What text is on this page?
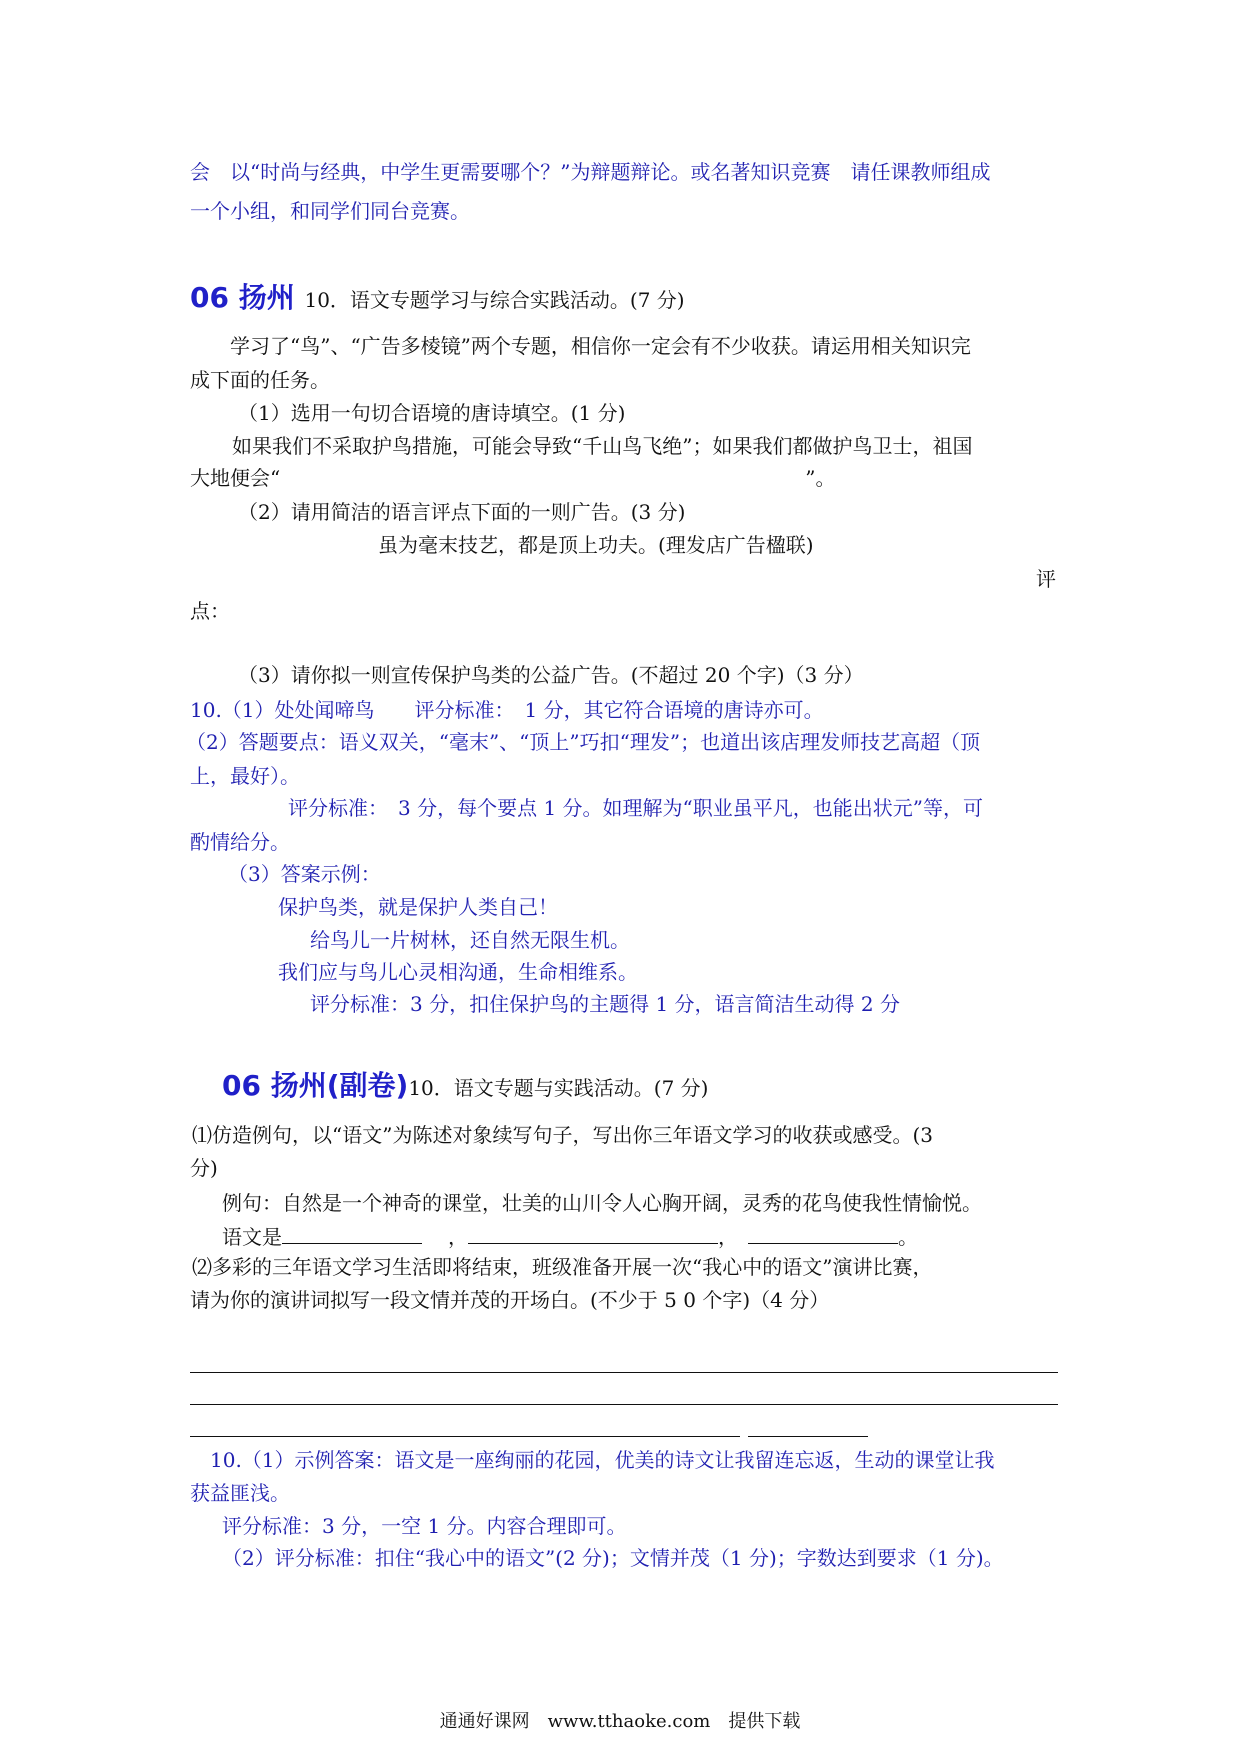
会　以“时尚与经典，中学生更需要哪个？”为辩题辩论。或名著知识竞赛　请任课教师组成
一个小组，和同学们同台竞赛。
06 扬州 10．语文专题学习与综合实践活动。(7 分)
　　学习了“鸟”、“广告多棱镜”两个专题，相信你一定会有不少收获。请运用相关知识完
成下面的任务。
（1）选用一句切合语境的唐诗填空。(1 分)
如果我们不采取护鸟措施，可能会导致“千山鸟飞绝”；如果我们都做护鸟卫士，祖国
大地便会“	”。
（2）请用简洁的语言评点下面的一则广告。(3 分)
虽为毫末技艺，都是顶上功夫。(理发店广告楹联)
评
点：
（3）请你拟一则宣传保护鸟类的公益广告。(不超过 20 个字)（3 分）
10.（1）处处闻啼鸟　　评分标准：　1 分，其它符合语境的唐诗亦可。
（2）答题要点：语义双关，“毫末”、“顶上”巧扣“理发”；也道出该店理发师技艺高超（顶
上，最好）。
评分标准：　3 分，每个要点 1 分。如理解为“职业虽平凡，也能出状元”等，可
酌情给分。
（3）答案示例：
保护鸟类，就是保护人类自己！
给鸟儿一片树林，还自然无限生机。
我们应与鸟儿心灵相沟通，生命相维系。
评分标准：3 分，扣住保护鸟的主题得 1 分，语言简洁生动得 2 分
06 扬州(副卷)10．语文专题与实践活动。(7 分)
⑴仿造例句，以“语文”为陈述对象续写句子，写出你三年语文学习的收获或感受。(3
分)
例句：自然是一个神奇的课堂，壮美的山川令人心胸开阔，灵秀的花鸟使我性情愉悦。
语文是	，	，	。
⑵多彩的三年语文学习生活即将结束，班级准备开展一次“我心中的语文”演讲比赛，
请为你的演讲词拟写一段文情并茂的开场白。(不少于 5 0 个字)（4 分）
10.（1）示例答案：语文是一座绚丽的花园，优美的诗文让我留连忘返，生动的课堂让我
获益匪浅。
评分标准：3 分，一空 1 分。内容合理即可。
（2）评分标准：扣住“我心中的语文”(2 分)；文情并茂（1 分)；字数达到要求（1 分)。
通通好课网　www.tthaoke.com　提供下载
